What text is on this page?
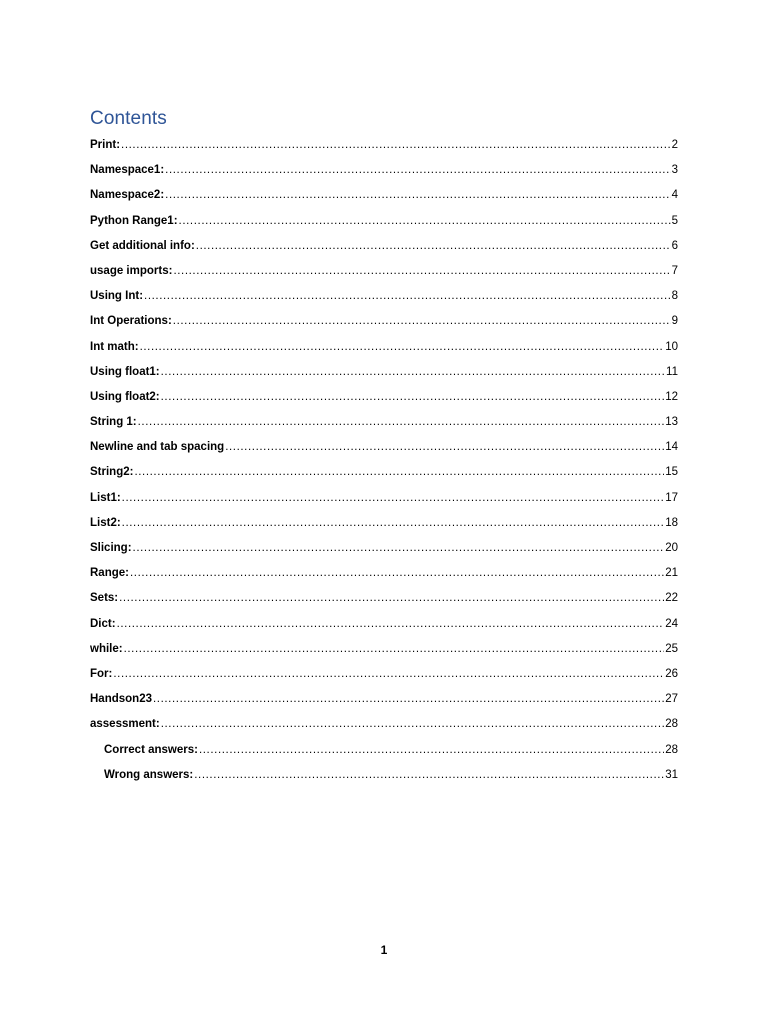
Contents
Print: .....	2
Namespace1: .....	3
Namespace2: .....	4
Python Range1: .....	5
Get additional info: .....	6
usage imports: .....	7
Using Int: .....	8
Int Operations: .....	9
Int math: .....	10
Using float1: .....	11
Using float2: .....	12
String 1: .....	13
Newline and tab spacing .....	14
String2: .....	15
List1: .....	17
List2: .....	18
Slicing: .....	20
Range: .....	21
Sets: .....	22
Dict: .....	24
while: .....	25
For: .....	26
Handson23 .....	27
assessment: .....	28
Correct answers: .....	28
Wrong answers: .....	31
1
